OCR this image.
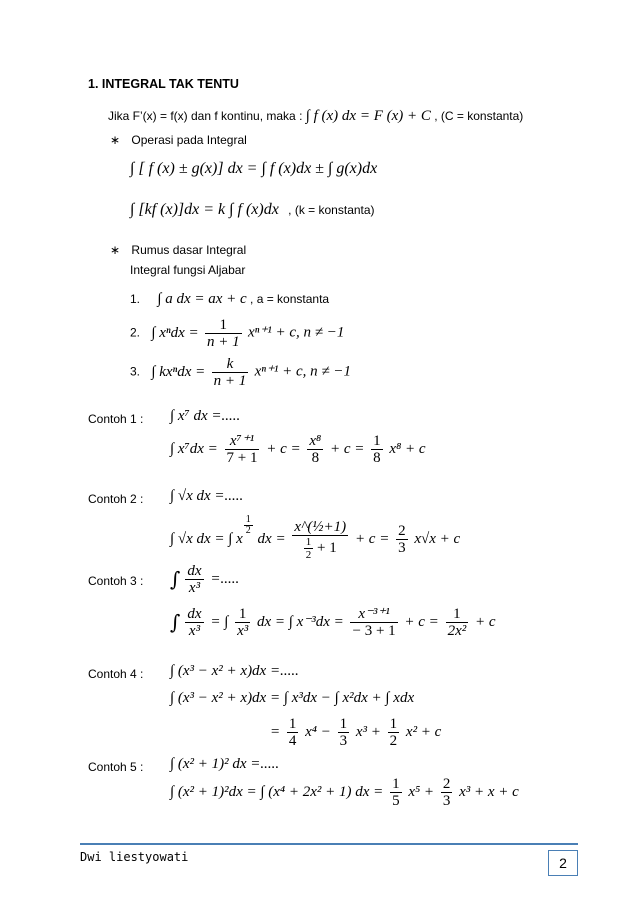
1. INTEGRAL TAK TENTU
Jika F’(x) = f(x) dan f kontinu, maka : ∫ f (x) dx = F (x) + C , (C = konstanta)
∗ Operasi pada Integral
∫ [ f (x) ± g(x)] dx = ∫ f (x)dx ± ∫ g(x)dx
∫ [kf (x)]dx = k ∫ f (x)dx , (k = konstanta)
∗ Rumus dasar Integral
Integral fungsi Aljabar
1. ∫ a dx = ax + c , a = konstanta
2. ∫ $x^ndx = \frac{1}{n + 1} x^{n+1} + c$, n ≠ −1
3. ∫ $kx^ndx = \frac{k}{n + 1} x^{n+1} + c$, n ≠ −1
Contoh 1 : ∫ x⁷ dx =.....
∫ $x^7dx = \frac{\text{x⁷⁺¹}}{7 + 1} + c = \frac{\text{x⁸}}{8} + c = \frac{1}{8} x^8 + c$
Contoh 2 : ∫ √x dx =.....
∫ √x dx = ∫ x
$\frac{1}{2}$
dx = $\frac{\text{x\textasciicircum{}(½+1)}}{\frac{1}{2} + 1} + c = \frac{2}{3} x√x + c$
Contoh 3 : ∫ $\frac{dx}{\text{x³}}$ =.....
∫ $\frac{dx}{\text{x³}}$ = ∫ $\frac{1}{\text{x³}}$ dx = ∫ $x^{-3}dx = \frac{\text{x⁻³⁺¹}}{- 3 + 1} + c = \frac{1}{\text{2x²}} + c$
Contoh 4 : ∫ (x³ − x² + x)dx =.....
∫ (x³ − x² + x)dx = ∫ x³dx − ∫ x²dx + ∫ xdx
= $\frac{1}{4} x^4 - \frac{1}{3} x^3 + \frac{1}{2} x^2 + c$
Contoh 5 : ∫ (x² + 1)² dx =.....
∫ (x² + 1)²dx = ∫ (x⁴ + 2x² + 1) dx = $\frac{1}{5} x^5 + \frac{2}{3} x^3 + x + c$
Dwi liestyowati	2
